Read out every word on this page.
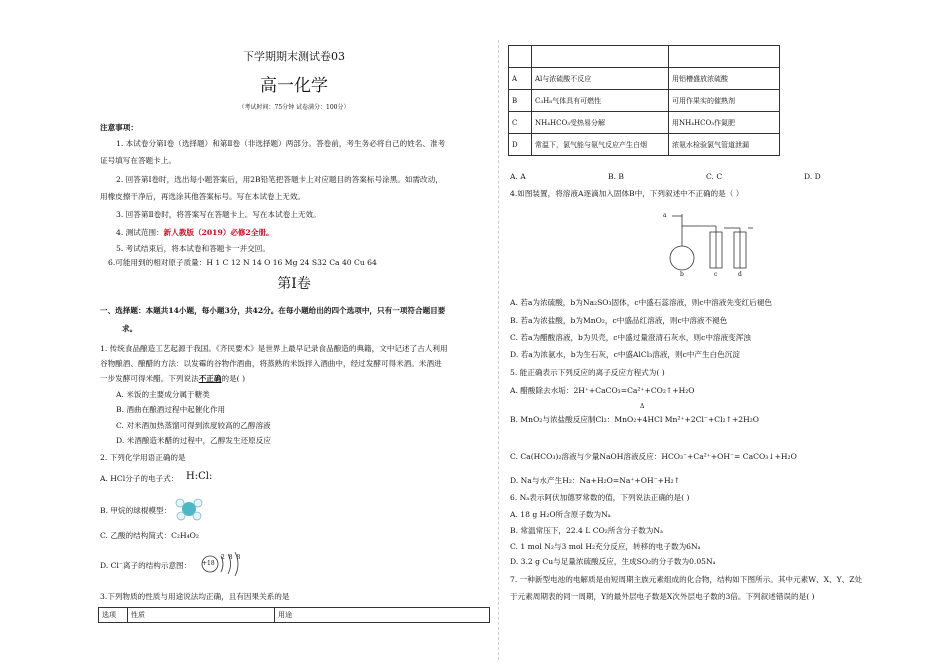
下学期期末测试卷03
高一化学
（考试时间：75分钟 试卷满分：100分）
注意事项：
1. 本试卷分第Ⅰ卷（选择题）和第Ⅱ卷（非选择题）两部分。答卷前，考生务必将自己的姓名、准考
证号填写在答题卡上。
2. 回答第Ⅰ卷时，选出每小题答案后，用2B铅笔把答题卡上对应题目的答案标号涂黑。如需改动，
用橡皮擦干净后，再选涂其他答案标号。写在本试卷上无效。
3. 回答第Ⅱ卷时，将答案写在答题卡上。写在本试卷上无效。
4. 测试范围：新人教版（2019）必修2全册。
5. 考试结束后，将本试卷和答题卡一并交回。
6.可能用到的相对原子质量：H 1 C 12 N 14 O 16 Mg 24 S32 Ca 40 Cu 64
第Ⅰ卷
一、选择题：本题共14小题，每小题3分，共42分。在每小题给出的四个选项中，只有一项符合题目要
求。
1. 传统食品酿造工艺起源于我国。《齐民要术》是世界上最早记录食品酿造的典籍，文中记述了古人利用
谷物酿酒、酿醋的方法：以发霉的谷物作酒曲，将蒸熟的米饭拌入酒曲中，经过发酵可得米酒。米酒进
一步发酵可得米醋。下列说法不正确的是( )
A. 米饭的主要成分属于糖类
B. 酒曲在酿酒过程中起催化作用
C. 对米酒加热蒸馏可得到浓度较高的乙醇溶液
D. 米酒酿造米醋的过程中，乙醇发生还原反应
2. 下列化学用语正确的是
A. HCl分子的电子式： H:Cl:
B. 甲烷的球棍模型：
C. 乙酸的结构简式：C₂H₄O₂
D. Cl⁻离子的结构示意图： +18
2 8 8
3.下列物质的性质与用途说法均正确，且有因果关系的是
选项	性质	用途

A	Al与浓硫酸不反应	用铝槽盛放浓硫酸
B	C₃H₈气体具有可燃性	可用作果实的催熟剂
C	NH₄HCO₃受热易分解	用NH₄HCO₃作氮肥
D	常温下，氯气能与氨气反应产生白烟	浓氨水检验氯气管道泄漏
A. A	B. B	C. C	D. D
4.如图装置，将溶液A逐滴加入固体B中，下列叙述中不正确的是（ ）
a
b	c	d
A. 若a为浓硫酸，b为Na₂SO₃固体，c中盛石蕊溶液，则c中溶液先变红后褪色
B. 若a为浓盐酸，b为MnO₂，c中盛品红溶液，则c中溶液不褪色
C. 若a为醋酸溶液，b为贝壳，c中盛过量澄清石灰水，则c中溶液变浑浊
D. 若a为浓氨水，b为生石灰，c中盛AlCl₃溶液，则c中产生白色沉淀
5. 能正确表示下列反应的离子反应方程式为( )
A. 醋酸除去水垢：2H⁺+CaCO₃=Ca²⁺+CO₂↑+H₂O
Δ
B. MnO₂与浓盐酸反应制Cl₂：MnO₂+4HCl Mn²⁺+2Cl⁻+Cl₂↑+2H₂O
C. Ca(HCO₃)₂溶液与少量NaOH溶液反应：HCO₃⁻+Ca²⁺+OH⁻= CaCO₃↓+H₂O
D. Na与水产生H₂：Na+H₂O=Na⁺+OH⁻+H₂↑
6. Nₐ表示阿伏加德罗常数的值，下列说法正确的是( )
A. 18 g H₂O所含原子数为Nₐ
B. 常温常压下，22.4 L CO₂所含分子数为Nₐ
C. 1 mol N₂与3 mol H₂充分反应，转移的电子数为6Nₐ
D. 3.2 g Cu与足量浓硫酸反应，生成SO₂的分子数为0.05Nₐ
7. 一种新型电池的电解质是由短周期主族元素组成的化合物，结构如下图所示。其中元素W、X、Y、Z处
于元素周期表的同一周期，Y的最外层电子数是X次外层电子数的3倍。下列叙述错误的是( )
